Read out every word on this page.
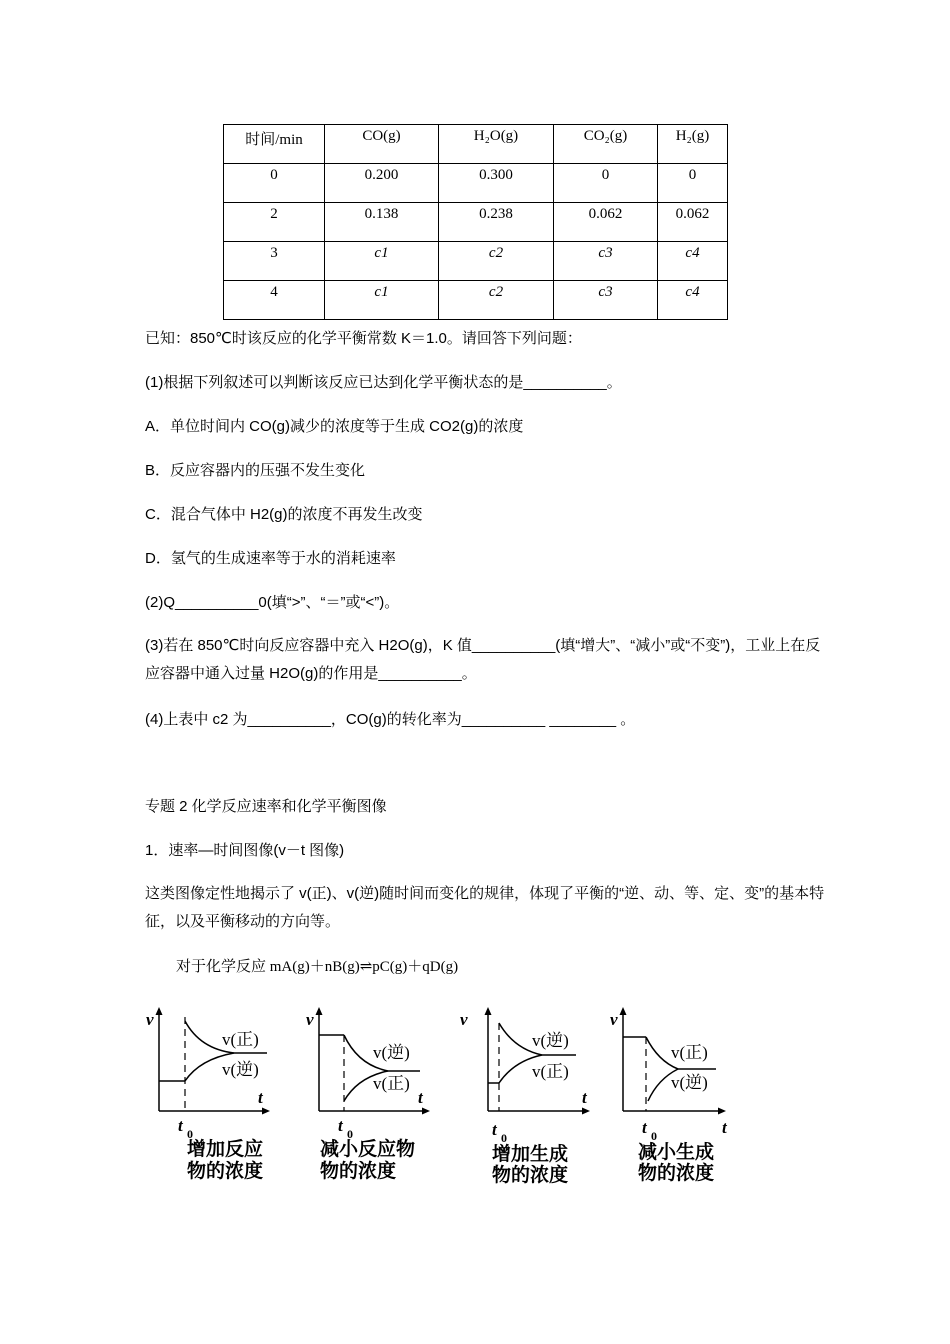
时间/min	CO(g)	H₂O(g)	CO₂(g)	H₂(g)
0	0.200	0.300	0	0
2	0.138	0.238	0.062	0.062
3	c1	c2	c3	c4
4	c1	c2	c3	c4
已知：850℃时该反应的化学平衡常数 K＝1.0。请回答下列问题：
(1)根据下列叙述可以判断该反应已达到化学平衡状态的是__________。
A．单位时间内 CO(g)减少的浓度等于生成 CO2(g)的浓度
B．反应容器内的压强不发生变化
C．混合气体中 H2(g)的浓度不再发生改变
D．氢气的生成速率等于水的消耗速率
(2)Q__________0(填“>”、“＝”或“<”)。
(3)若在 850℃时向反应容器中充入 H2O(g)，K 值__________(填“增大”、“减小”或“不变”)，工业上在反应容器中通入过量 H2O(g)的作用是__________。
(4)上表中 c2 为__________，CO(g)的转化率为__________ ________ 。
专题 2 化学反应速率和化学平衡图像
1．速率—时间图像(v－t 图像)
这类图像定性地揭示了 v(正)、v(逆)随时间而变化的规律，体现了平衡的“逆、动、等、定、变”的基本特征，以及平衡移动的方向等。
对于化学反应 mA(g)＋nB(g)⇌pC(g)＋qD(g)
v
t
v(正)
v(逆)
t 0
增加反应
物的浓度
v
t
v(逆)
v(正)
t 0
减小反应物
物的浓度
v
t
v(逆)
v(正)
t 0
增加生成
物的浓度
v
t
v(正)
v(逆)
t 0
减小生成
物的浓度
